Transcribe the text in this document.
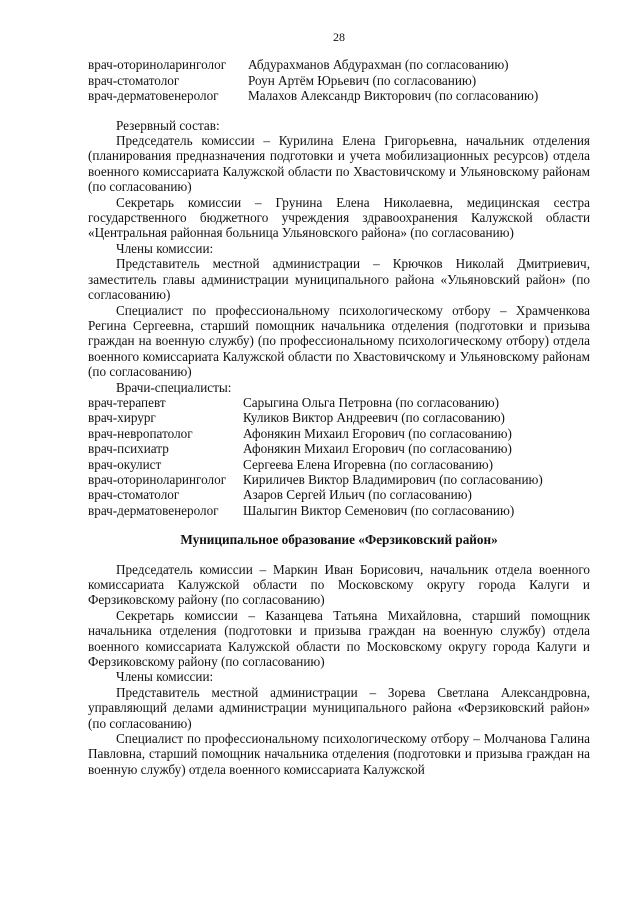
28
врач-оториноларинголог	Абдурахманов Абдурахман (по согласованию)
врач-стоматолог	Роун Артём Юрьевич (по согласованию)
врач-дерматовенеролог	Малахов Александр Викторович (по согласованию)

Резервный состав:

Председатель комиссии – Курилина Елена Григорьевна, начальник отделения (планирования предназначения подготовки и учета мобилизационных ресурсов) отдела военного комиссариата Калужской области по Хвастовичскому и Ульяновскому районам (по согласованию)

Секретарь комиссии – Грунина Елена Николаевна, медицинская сестра государственного бюджетного учреждения здравоохранения Калужской области «Центральная районная больница Ульяновского района» (по согласованию)

Члены комиссии:

Представитель местной администрации – Крючков Николай Дмитриевич, заместитель главы администрации муниципального района «Ульяновский район» (по согласованию)

Специалист по профессиональному психологическому отбору – Храмченкова Регина Сергеевна, старший помощник начальника отделения (подготовки и призыва граждан на военную службу) (по профессиональному психологическому отбору) отдела военного комиссариата Калужской области по Хвастовичскому и Ульяновскому районам (по согласованию)

Врачи-специалисты:

врач-терапевт	Сарыгина Ольга Петровна (по согласованию)
врач-хирург	Куликов Виктор Андреевич (по согласованию)
врач-невропатолог	Афонякин Михаил Егорович (по согласованию)
врач-психиатр	Афонякин Михаил Егорович (по согласованию)
врач-окулист	Сергеева Елена Игоревна (по согласованию)
врач-оториноларинголог	Кириличев Виктор Владимирович (по согласованию)
врач-стоматолог	Азаров Сергей Ильич (по согласованию)
врач-дерматовенеролог	Шалыгин Виктор Семенович (по согласованию)

Муниципальное образование «Ферзиковский район»

Председатель комиссии – Маркин Иван Борисович, начальник отдела военного комиссариата Калужской области по Московскому округу города Калуги и Ферзиковскому району (по согласованию)

Секретарь комиссии – Казанцева Татьяна Михайловна, старший помощник начальника отделения (подготовки и призыва граждан на военную службу) отдела военного комиссариата Калужской области по Московскому округу города Калуги и Ферзиковскому району (по согласованию)

Члены комиссии:

Представитель местной администрации – Зорева Светлана Александровна, управляющий делами администрации муниципального района «Ферзиковский район» (по согласованию)

Специалист по профессиональному психологическому отбору – Молчанова Галина Павловна, старший помощник начальника отделения (подготовки и призыва граждан на военную службу) отдела военного комиссариата Калужской
